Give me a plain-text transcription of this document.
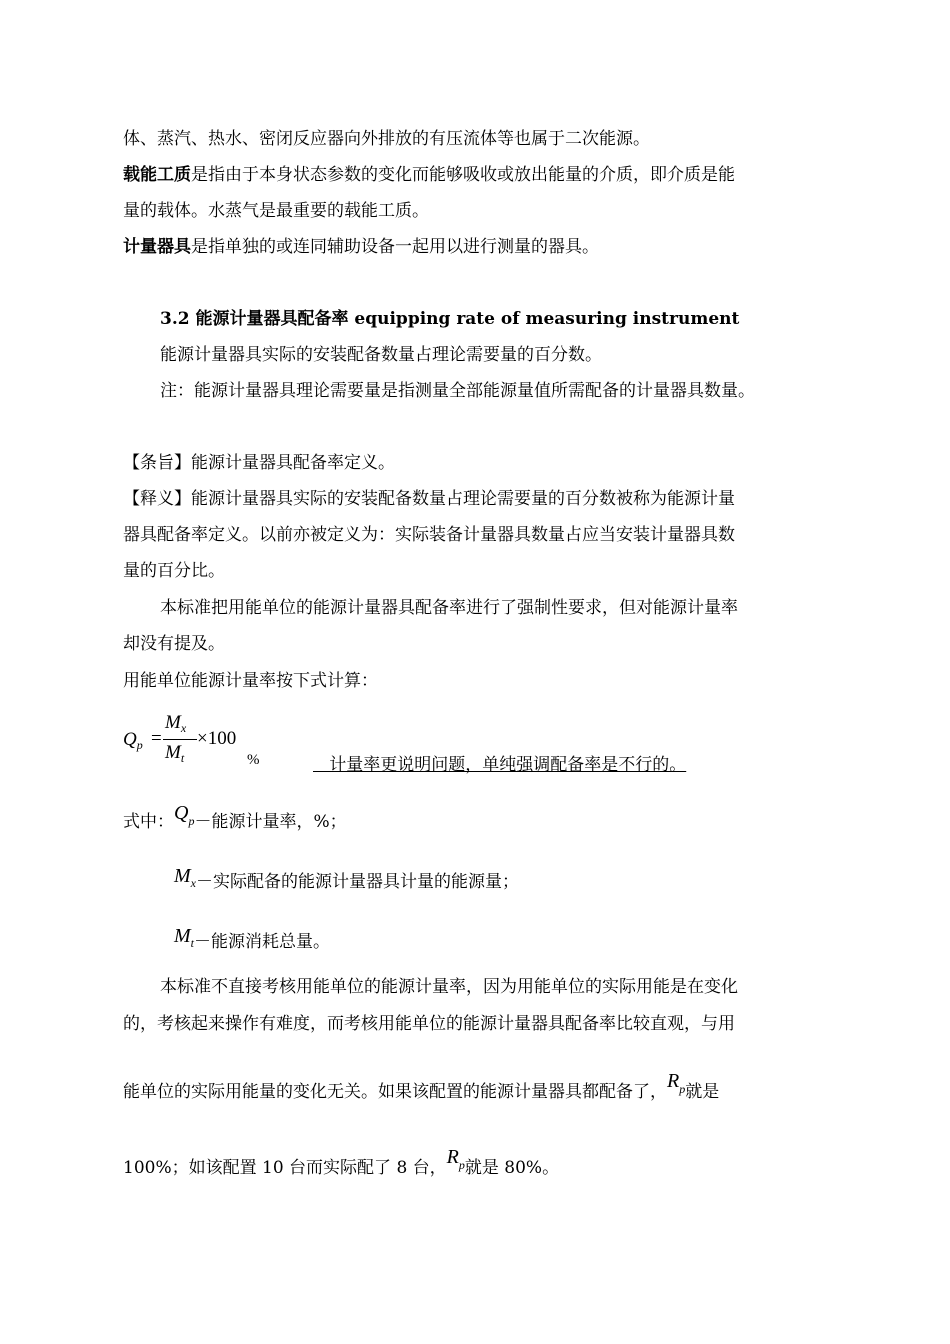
体、蒸汽、热水、密闭反应器向外排放的有压流体等也属于二次能源。
载能工质是指由于本身状态参数的变化而能够吸收或放出能量的介质，即介质是能
量的载体。水蒸气是最重要的载能工质。
计量器具是指单独的或连同辅助设备一起用以进行测量的器具。
3.2 能源计量器具配备率 equipping rate of measuring instrument
能源计量器具实际的安装配备数量占理论需要量的百分数。
注：能源计量器具理论需要量是指测量全部能源量值所需配备的计量器具数量。
【条旨】能源计量器具配备率定义。
【释义】能源计量器具实际的安装配备数量占理论需要量的百分数被称为能源计量
器具配备率定义。以前亦被定义为：实际装备计量器具数量占应当安装计量器具数
量的百分比。
本标准把用能单位的能源计量器具配备率进行了强制性要求，但对能源计量率
却没有提及。
用能单位能源计量率按下式计算：
$Q_p$ =
$M_x$
$M_t$
×100
%	计量率更说明问题，单纯强调配备率是不行的。
式中：Qp－能源计量率，%；
Mx－实际配备的能源计量器具计量的能源量；
Mt－能源消耗总量。
本标准不直接考核用能单位的能源计量率，因为用能单位的实际用能是在变化
的，考核起来操作有难度，而考核用能单位的能源计量器具配备率比较直观，与用
能单位的实际用能量的变化无关。如果该配置的能源计量器具都配备了，$R^p$就是
100%；如该配置 10 台而实际配了 8 台，$R^p$就是 80%。
